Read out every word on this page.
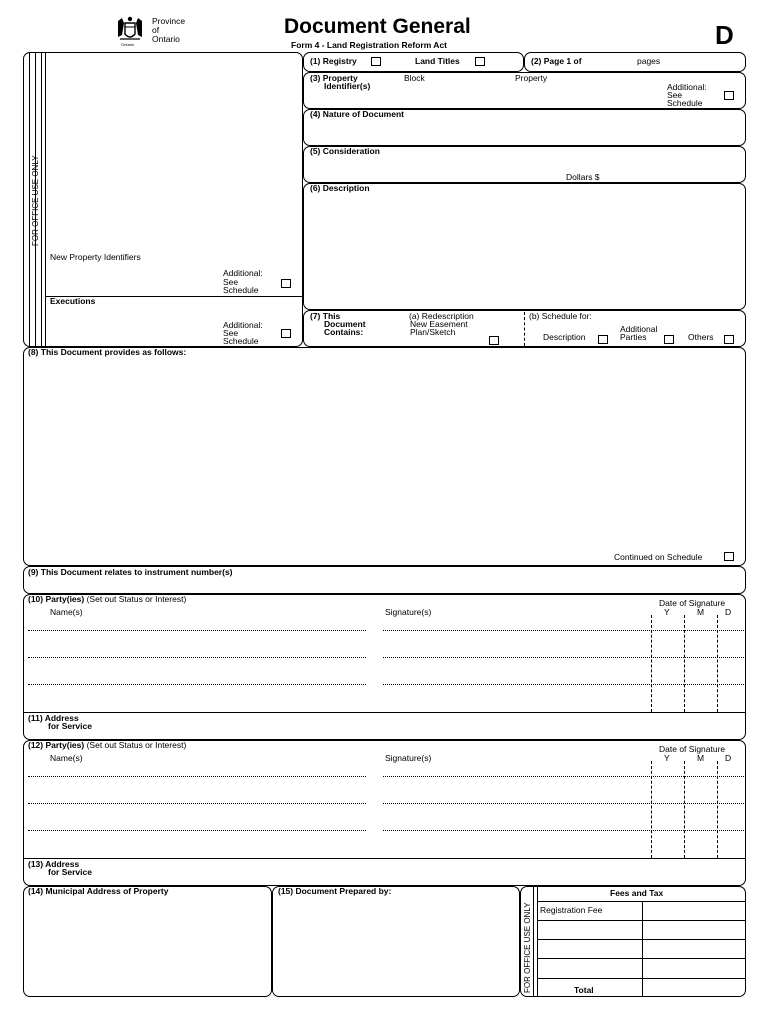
Ontario
Province
of
Ontario
Document General
Form 4 - Land Registration Reform Act	D
FOR OFFICE USE ONLY
New Property Identifiers
Additional:
See
Schedule
Executions
Additional:
See
Schedule
(1) Registry	Land Titles	(2) Page 1 of	pages
(3) Property
Identifier(s)
Block	Property
Additional:
See
Schedule
(4) Nature of Document
(5) Consideration
Dollars $
(6) Description
(7) This
Document
Contains:
(a) Redescription
New Easement
Plan/Sketch
(b) Schedule for:
Description
Additional
Parties	Others
(8) This Document provides as follows:
Continued on Schedule
(9) This Document relates to instrument number(s)
(10) Party(ies) (Set out Status or Interest)
Name(s)	Signature(s)
Date of Signature
Y	M D
(11) Address
for Service
(12) Party(ies) (Set out Status or Interest)
Name(s)	Signature(s)
Date of Signature
Y	M D
(13) Address
for Service
(14) Municipal Address of Property	(15) Document Prepared by:
FOR OFFICE USE ONLY
Fees and Tax
Registration Fee
Total
